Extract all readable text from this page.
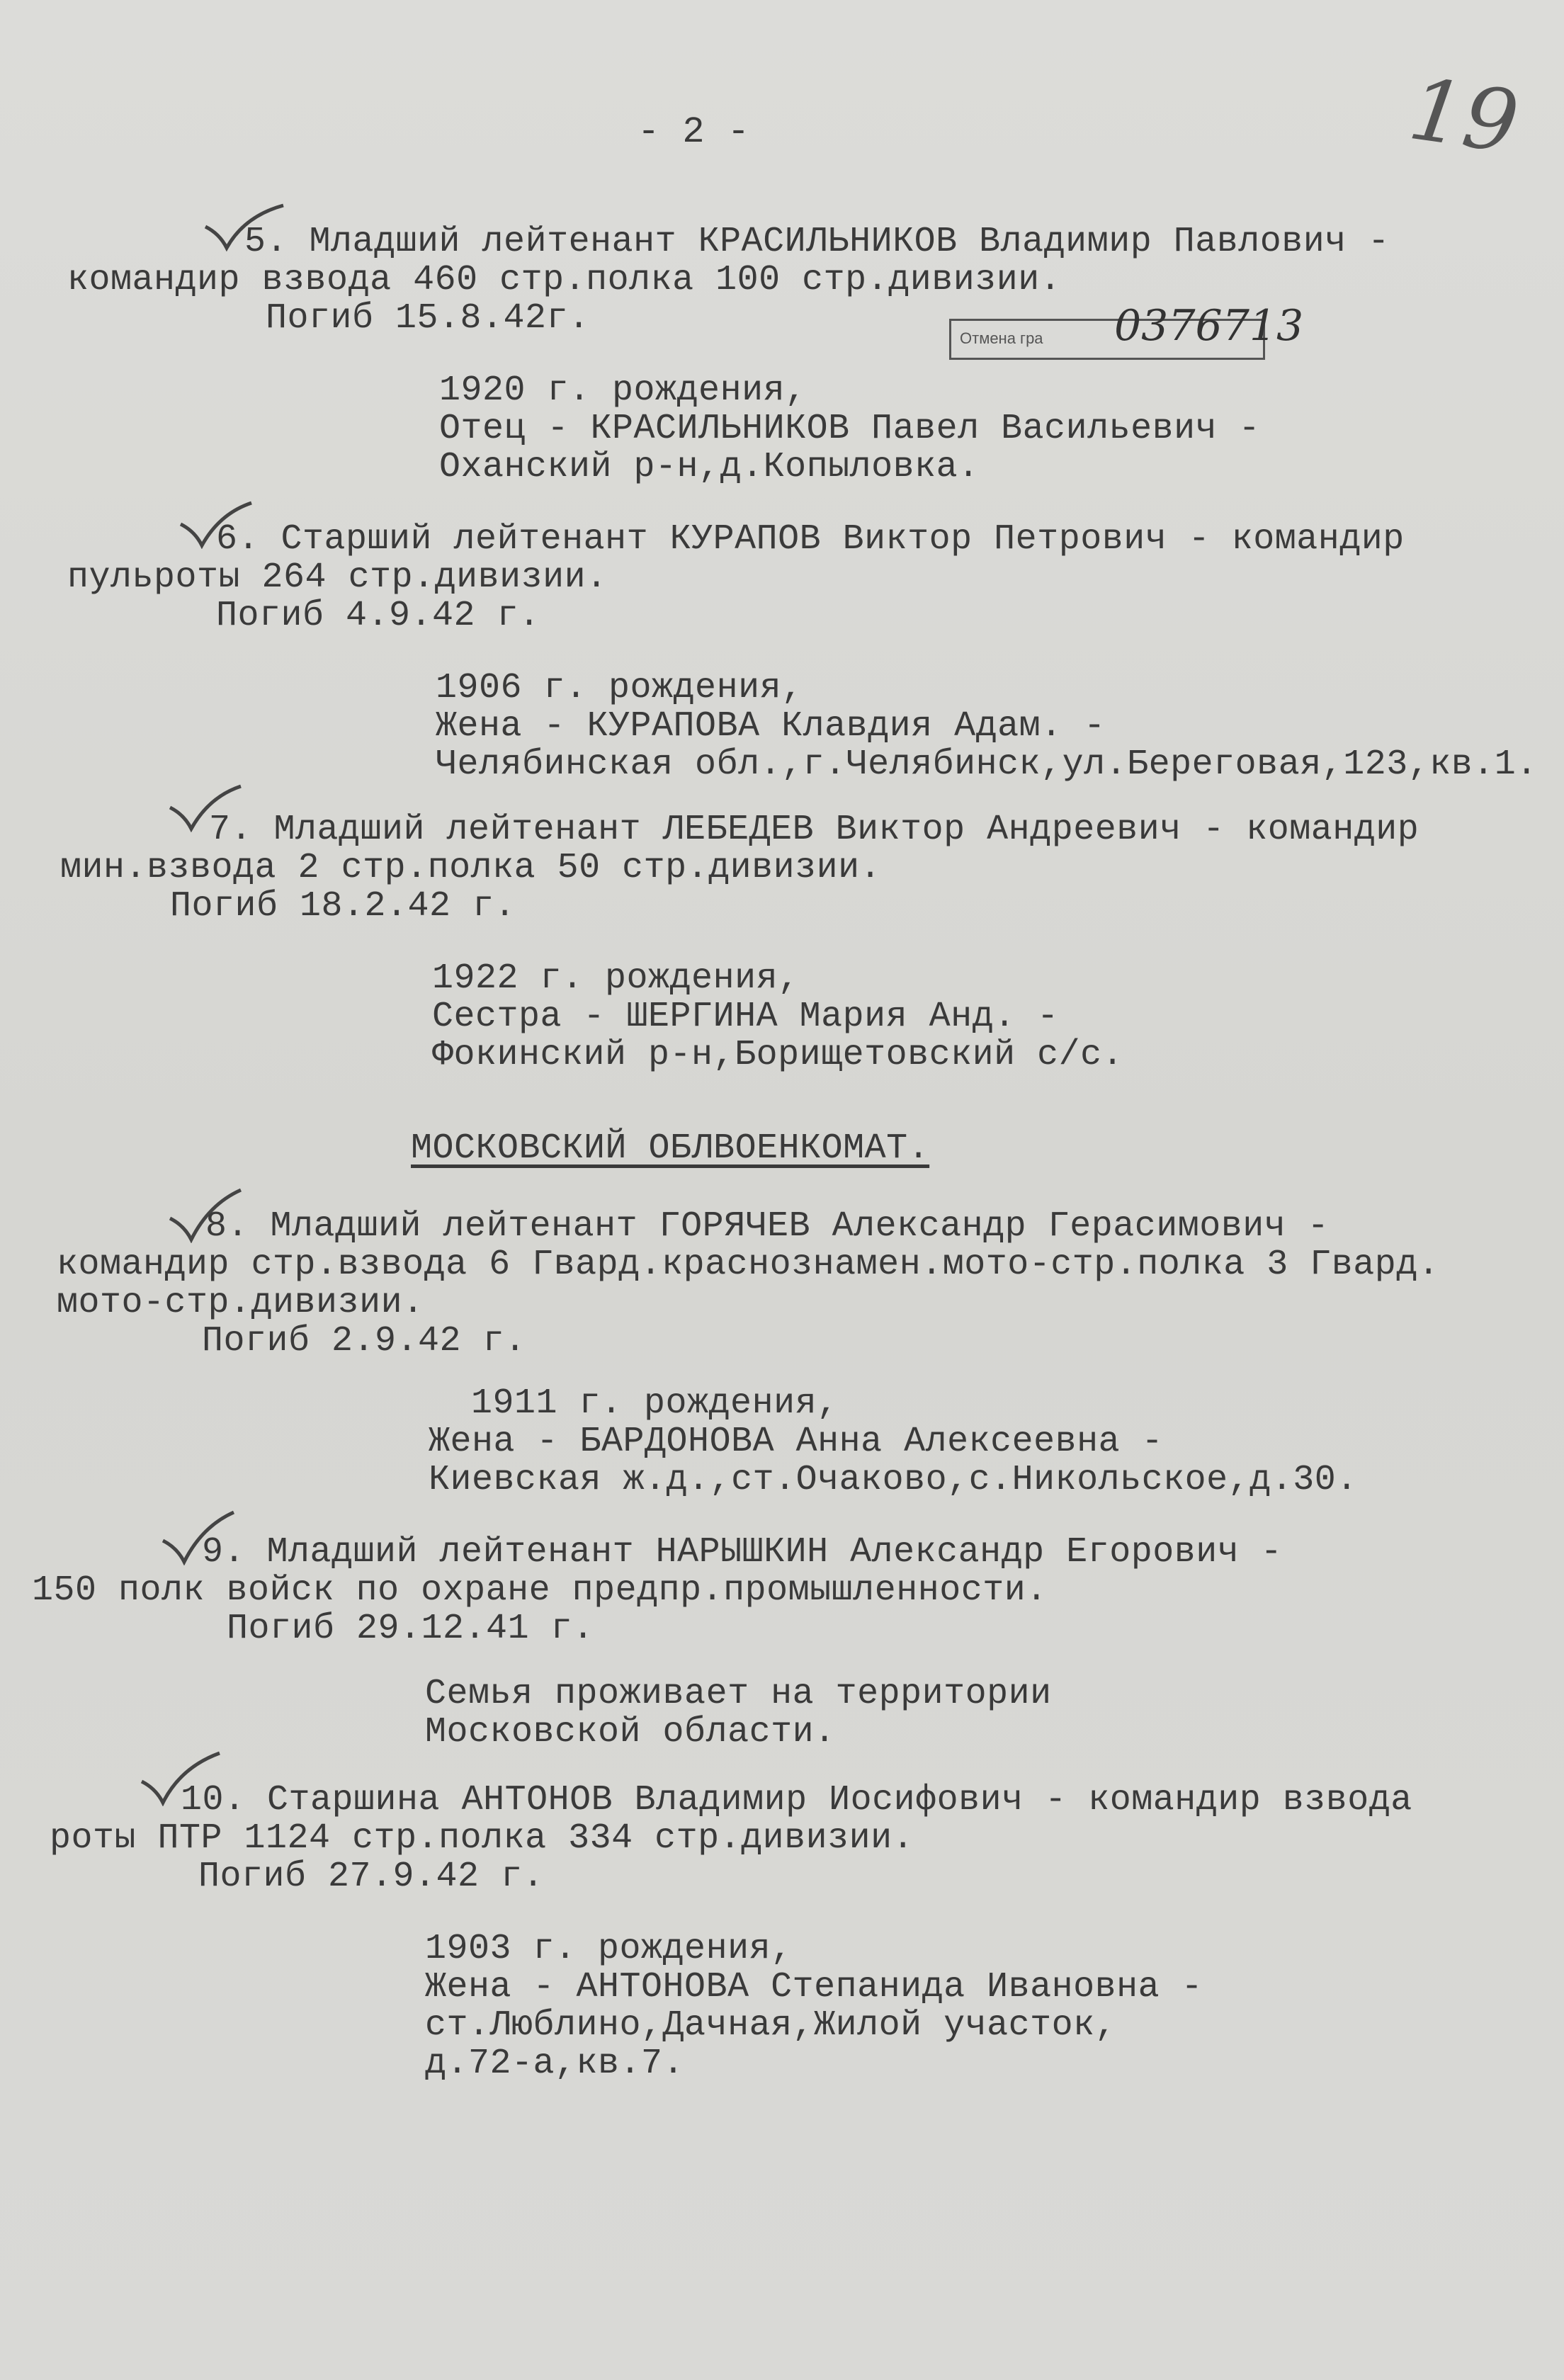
- 2 -	19
Отмена гра 0376713
5. Младший лейтенант КРАСИЛЬНИКОВ Владимир Павлович -
командир взвода 460 стр.полка 100 стр.дивизии.
Погиб 15.8.42г.
1920 г. рождения,
Отец - КРАСИЛЬНИКОВ Павел Васильевич -
Оханский р-н,д.Копыловка.
6. Старший лейтенант КУРАПОВ Виктор Петрович - командир
пульроты 264 стр.дивизии.
Погиб 4.9.42 г.
1906 г. рождения,
Жена - КУРАПОВА Клавдия Адам. -
Челябинская обл.,г.Челябинск,ул.Береговая,123,кв.1.
7. Младший лейтенант ЛЕБЕДЕВ Виктор Андреевич - командир
мин.взвода 2 стр.полка 50 стр.дивизии.
Погиб 18.2.42 г.
1922 г. рождения,
Сестра - ШЕРГИНА Мария Анд. -
Фокинский р-н,Борищетовский с/с.
МОСКОВСКИЙ ОБЛВОЕНКОМАТ.
8. Младший лейтенант ГОРЯЧЕВ Александр Герасимович -
командир стр.взвода 6 Гвард.краснознамен.мото-стр.полка 3 Гвард.
мото-стр.дивизии.
Погиб 2.9.42 г.
1911 г. рождения,
Жена - БАРДОНОВА Анна Алексеевна -
Киевская ж.д.,ст.Очаково,с.Никольское,д.30.
9. Младший лейтенант НАРЫШКИН Александр Егорович -
150 полк войск по охране предпр.промышленности.
Погиб 29.12.41 г.
Семья проживает на территории
Московской области.
10. Старшина АНТОНОВ Владимир Иосифович - командир взвода
роты ПТР 1124 стр.полка 334 стр.дивизии.
Погиб 27.9.42 г.
1903 г. рождения,
Жена - АНТОНОВА Степанида Ивановна -
ст.Люблино,Дачная,Жилой участок,
д.72-а,кв.7.
